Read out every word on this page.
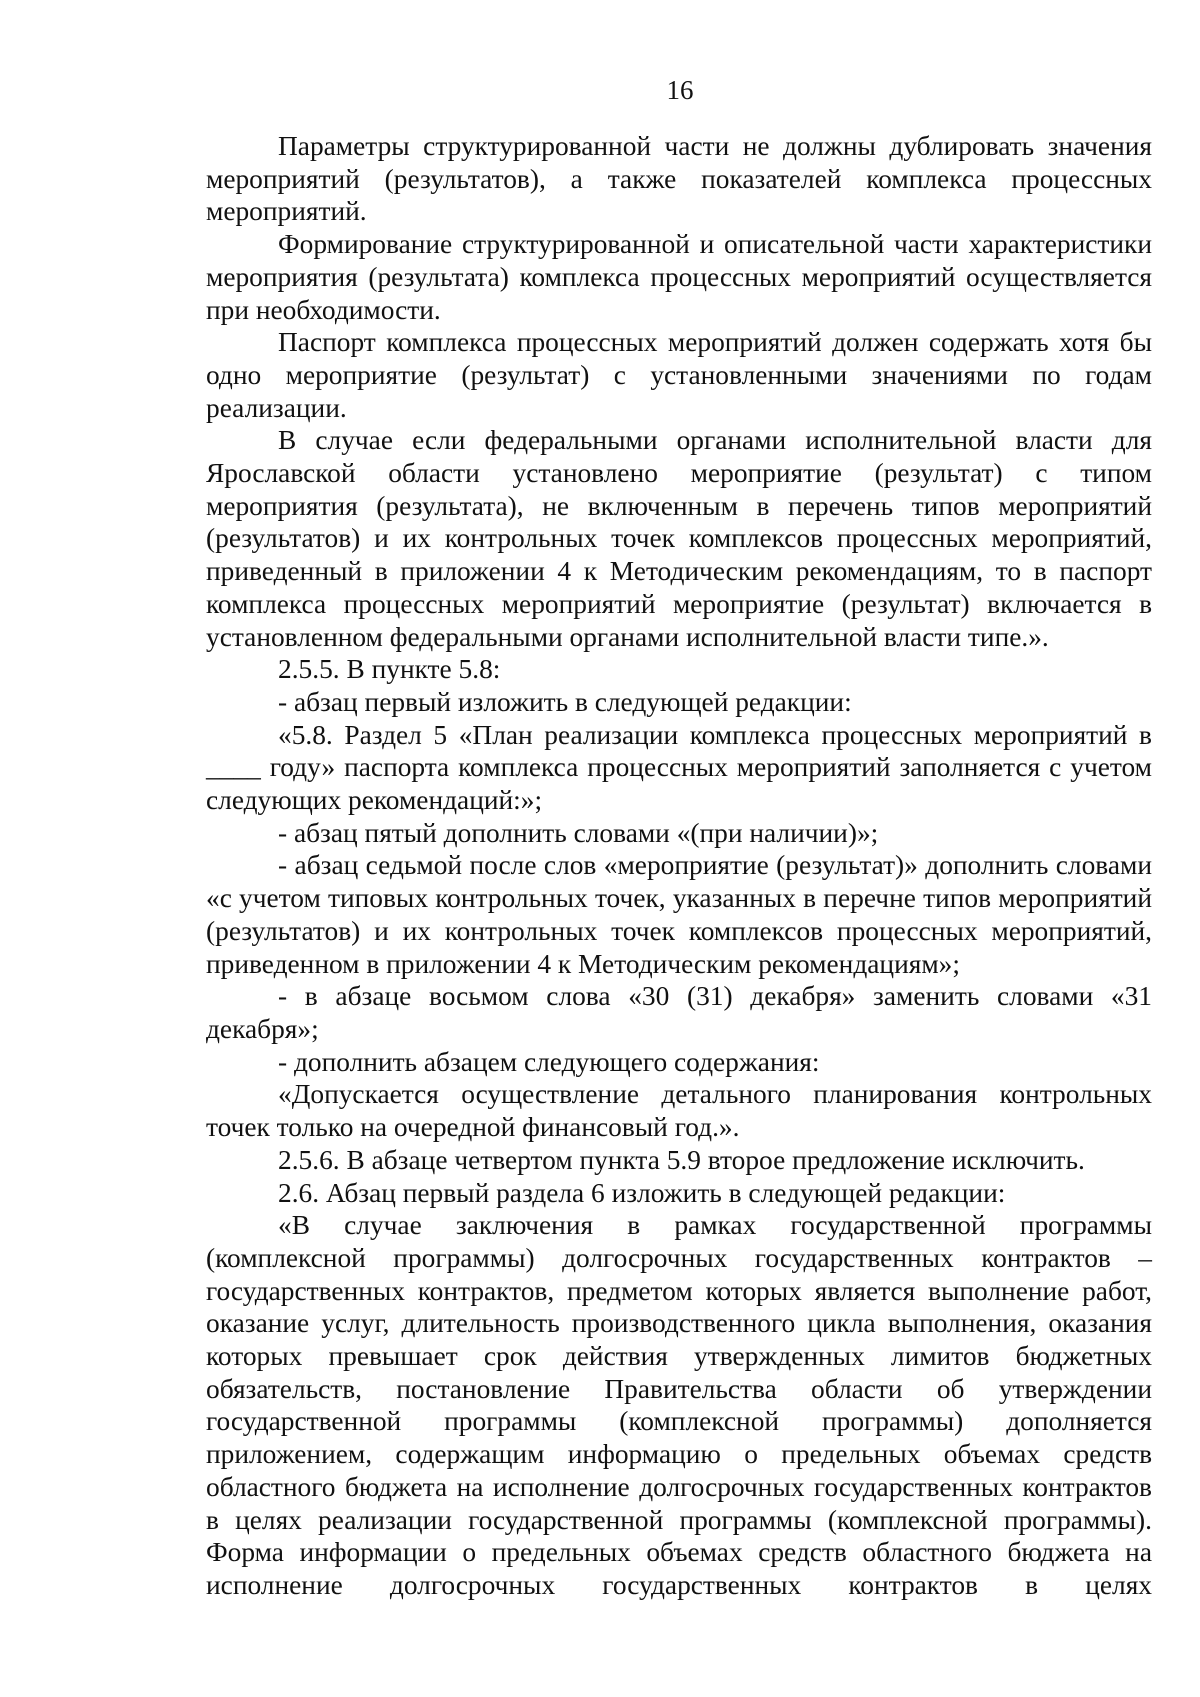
16

Параметры структурированной части не должны дублировать значения мероприятий (результатов), а также показателей комплекса процессных мероприятий.

Формирование структурированной и описательной части характеристики мероприятия (результата) комплекса процессных мероприятий осуществляется при необходимости.

Паспорт комплекса процессных мероприятий должен содержать хотя бы одно мероприятие (результат) с установленными значениями по годам реализации.

В случае если федеральными органами исполнительной власти для Ярославской области установлено мероприятие (результат) с типом мероприятия (результата), не включенным в перечень типов мероприятий (результатов) и их контрольных точек комплексов процессных мероприятий, приведенный в приложении 4 к Методическим рекомендациям, то в паспорт комплекса процессных мероприятий мероприятие (результат) включается в установленном федеральными органами исполнительной власти типе.».

2.5.5. В пункте 5.8:

- абзац первый изложить в следующей редакции:

«5.8. Раздел 5 «План реализации комплекса процессных мероприятий в ____ году» паспорта комплекса процессных мероприятий заполняется с учетом следующих рекомендаций:»;

- абзац пятый дополнить словами «(при наличии)»;

- абзац седьмой после слов «мероприятие (результат)» дополнить словами «с учетом типовых контрольных точек, указанных в перечне типов мероприятий (результатов) и их контрольных точек комплексов процессных мероприятий, приведенном в приложении 4 к Методическим рекомендациям»;

- в абзаце восьмом слова «30 (31) декабря» заменить словами «31 декабря»;

- дополнить абзацем следующего содержания:

«Допускается осуществление детального планирования контрольных точек только на очередной финансовый год.».

2.5.6. В абзаце четвертом пункта 5.9 второе предложение исключить.

2.6. Абзац первый раздела 6 изложить в следующей редакции:

«В случае заключения в рамках государственной программы (комплексной программы) долгосрочных государственных контрактов – государственных контрактов, предметом которых является выполнение работ, оказание услуг, длительность производственного цикла выполнения, оказания которых превышает срок действия утвержденных лимитов бюджетных обязательств, постановление Правительства области об утверждении государственной программы (комплексной программы) дополняется приложением, содержащим информацию о предельных объемах средств областного бюджета на исполнение долгосрочных государственных контрактов в целях реализации государственной программы (комплексной программы). Форма информации о предельных объемах средств областного бюджета на исполнение долгосрочных государственных контрактов в целях
